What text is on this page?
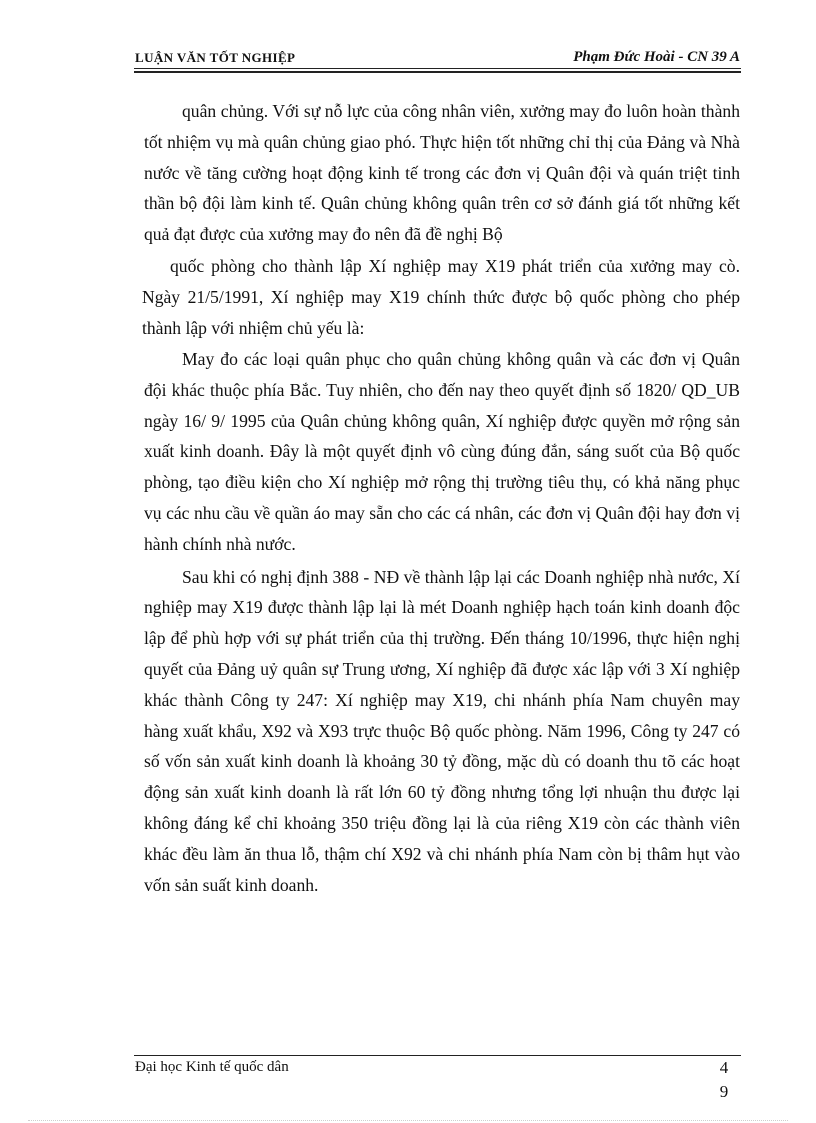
LUẬN VĂN TỐT NGHIỆP	Phạm Đức Hoài - CN 39 A

quân chủng. Với sự nỗ lực của công nhân viên, xưởng may đo luôn hoàn thành tốt nhiệm vụ mà quân chủng giao phó. Thực hiện tốt những chỉ thị của Đảng và Nhà nước về tăng cường hoạt động kinh tế trong các đơn vị Quân đội và quán triệt tinh thần bộ đội làm kinh tế. Quân chủng không quân trên cơ sở đánh giá tốt những kết quả đạt được của xưởng may đo nên đã đề nghị Bộ

quốc phòng cho thành lập Xí nghiệp may X19 phát triển của xưởng may cò. Ngày 21/5/1991, Xí nghiệp may X19 chính thức được bộ quốc phòng cho phép thành lập với nhiệm chủ yếu là:

May đo các loại quân phục cho quân chủng không quân và các đơn vị Quân đội khác thuộc phía Bắc. Tuy nhiên, cho đến nay theo quyết định số 1820/ QD_UB ngày 16/ 9/ 1995 của Quân chủng không quân, Xí nghiệp được quyền mở rộng sản xuất kinh doanh. Đây là một quyết định vô cùng đúng đắn, sáng suốt của Bộ quốc phòng, tạo điều kiện cho Xí nghiệp mở rộng thị trường tiêu thụ, có khả năng phục vụ các nhu cầu về quần áo may sẵn cho các cá nhân, các đơn vị Quân đội hay đơn vị hành chính nhà nước.

Sau khi có nghị định 388 - NĐ về thành lập lại các Doanh nghiệp nhà nước, Xí nghiệp may X19 được thành lập lại là mét Doanh nghiệp hạch toán kinh doanh độc lập để phù hợp với sự phát triển của thị trường. Đến tháng 10/1996, thực hiện nghị quyết của Đảng uỷ quân sự Trung ương, Xí nghiệp đã được xác lập với 3 Xí nghiệp khác thành Công ty 247: Xí nghiệp may X19, chi nhánh phía Nam chuyên may hàng xuất khẩu, X92 và X93 trực thuộc Bộ quốc phòng. Năm 1996, Công ty 247 có số vốn sản xuất kinh doanh là khoảng 30 tỷ đồng, mặc dù có doanh thu tõ các hoạt động sản xuất kinh doanh là rất lớn 60 tỷ đồng nhưng tổng lợi nhuận thu được lại không đáng kể chỉ khoảng 350 triệu đồng lại là của riêng X19 còn các thành viên khác đều làm ăn thua lỗ, thậm chí X92 và chi nhánh phía Nam còn bị thâm hụt vào vốn sản suất kinh doanh.

Đại học Kinh tế quốc dân	4
9
